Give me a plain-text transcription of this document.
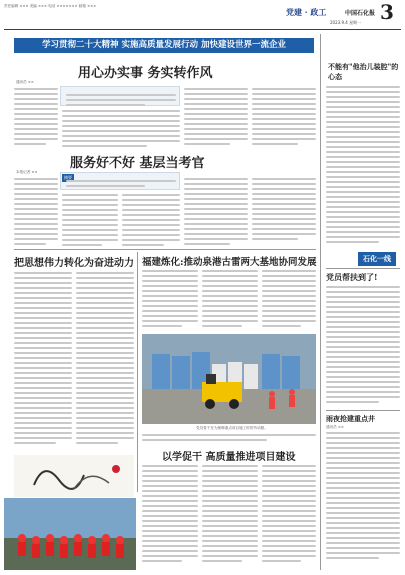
责任编辑 ××× 美编 ××× 电话 ××××××× 邮箱 ×××
党建 · 政工	中国石化报 3
2023.9.4 星期一
学习贯彻二十大精神 实施高质量发展行动 加快建设世界一流企业
用心办实事 务实转作风
通讯员 ××
服务好不好 基层当考官
本报记者 ××
摘要
把思想伟力转化为奋进动力 福建炼化:推动泉港古雷两大基地协同发展
党员骨干在为保障重点项目施工时的劳动照。
以学促干 高质量推进项目建设
不能有"他治儿装腔"的心态
石化一线
党员帮扶到了!
雨夜抢建重点井
通讯员 ××
